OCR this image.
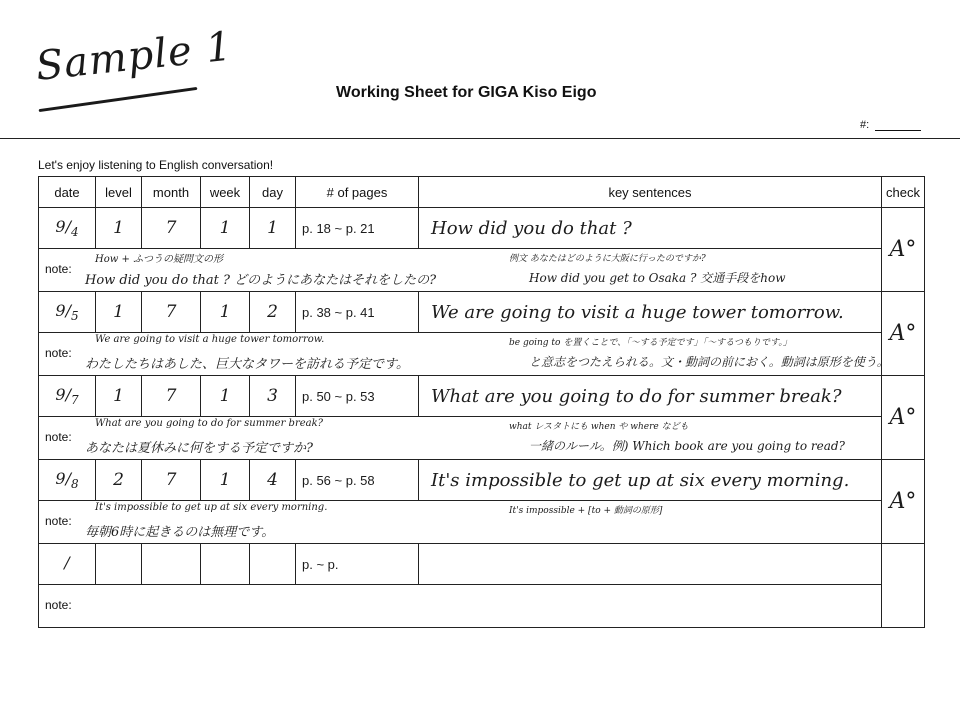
Sample 1
Working Sheet for GIGA Kiso Eigo
#:
Let's enjoy listening to English conversation!
date	level	month	week	day	# of pages	key sentences	check
$9/_4$	1	7	1	1	p. 18 ~ p. 21	How did you do that ?	A°

note:
How + ふつうの疑問文の形
How did you do that ? どのようにあなたはそれをしたの?
例文 あなたはどのように大阪に行ったのですか?
How did you get to Osaka ? 交通手段をhow							

$9/_5$	1	7	1	2	p. 38 ~ p. 41	We are going to visit a huge tower tomorrow.	A°

note:
We are going to visit a huge tower tomorrow.
わたしたちはあした、巨大なタワーを訪れる予定です。
be going to を置くことで、「〜する予定です」「〜するつもりです。」
と意志をつたえられる。文・動詞の前におく。動詞は原形を使う。							

$9/_7$	1	7	1	3	p. 50 ~ p. 53	What are you going to do for summer break?	A°

note:
What are you going to do for summer break?
あなたは夏休みに何をする予定ですか?
what レスタトにも when や where なども
一緒のルール。例) Which book are you going to read?							

$9/_8$	2	7	1	4	p. 56 ~ p. 58	It's impossible to get up at six every morning.	A°

note:
It's impossible to get up at six every morning.
毎朝6時に起きるのは無理です。
It's impossible + [to + 動詞の原形]							

/					p. ~ p.		

note:							
